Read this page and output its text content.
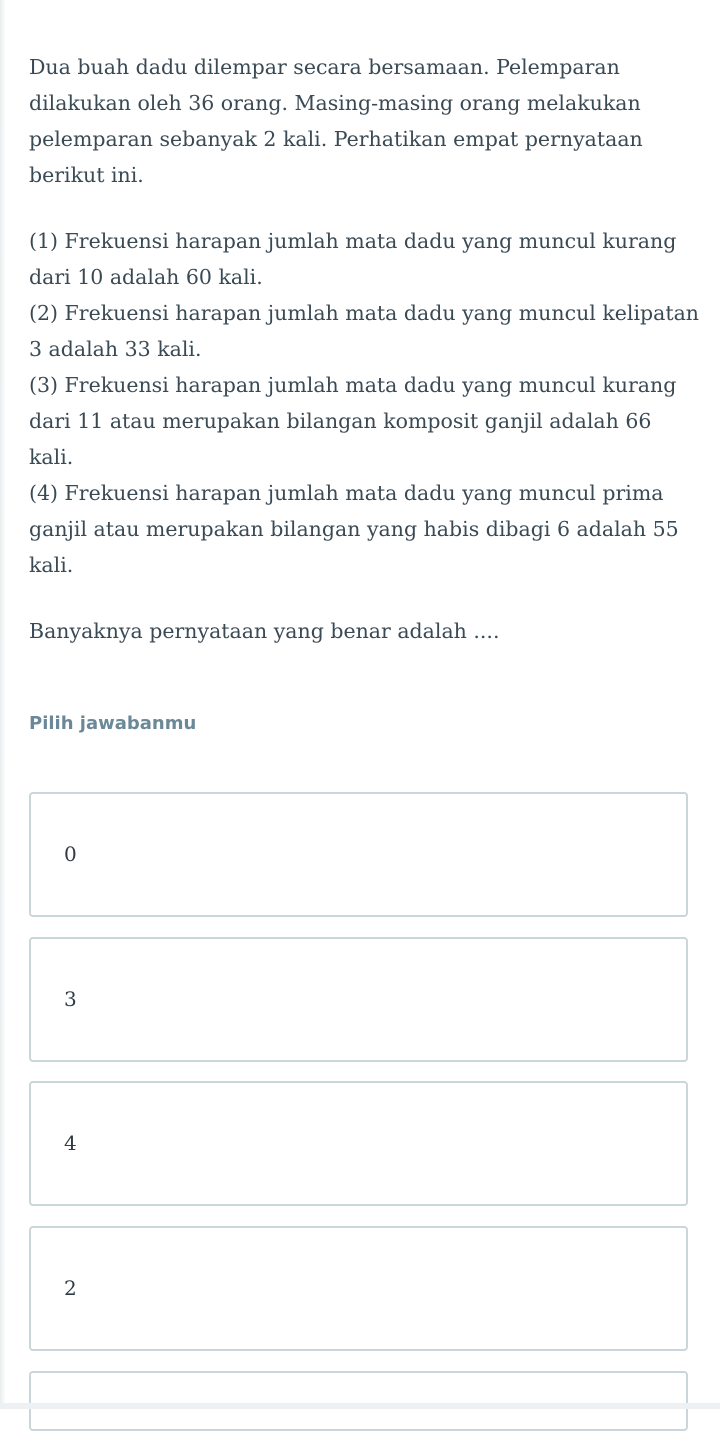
Dua buah dadu dilempar secara bersamaan. Pelemparan dilakukan oleh 36 orang. Masing-masing orang melakukan pelemparan sebanyak 2 kali. Perhatikan empat pernyataan berikut ini.

(1) Frekuensi harapan jumlah mata dadu yang muncul kurang dari 10 adalah 60 kali.

(2) Frekuensi harapan jumlah mata dadu yang muncul kelipatan 3 adalah 33 kali.

(3) Frekuensi harapan jumlah mata dadu yang muncul kurang dari 11 atau merupakan bilangan komposit ganjil adalah 66 kali.

(4) Frekuensi harapan jumlah mata dadu yang muncul prima ganjil atau merupakan bilangan yang habis dibagi 6 adalah 55 kali.

Banyaknya pernyataan yang benar adalah ....

Pilih jawabanmu
0
3
4
2
